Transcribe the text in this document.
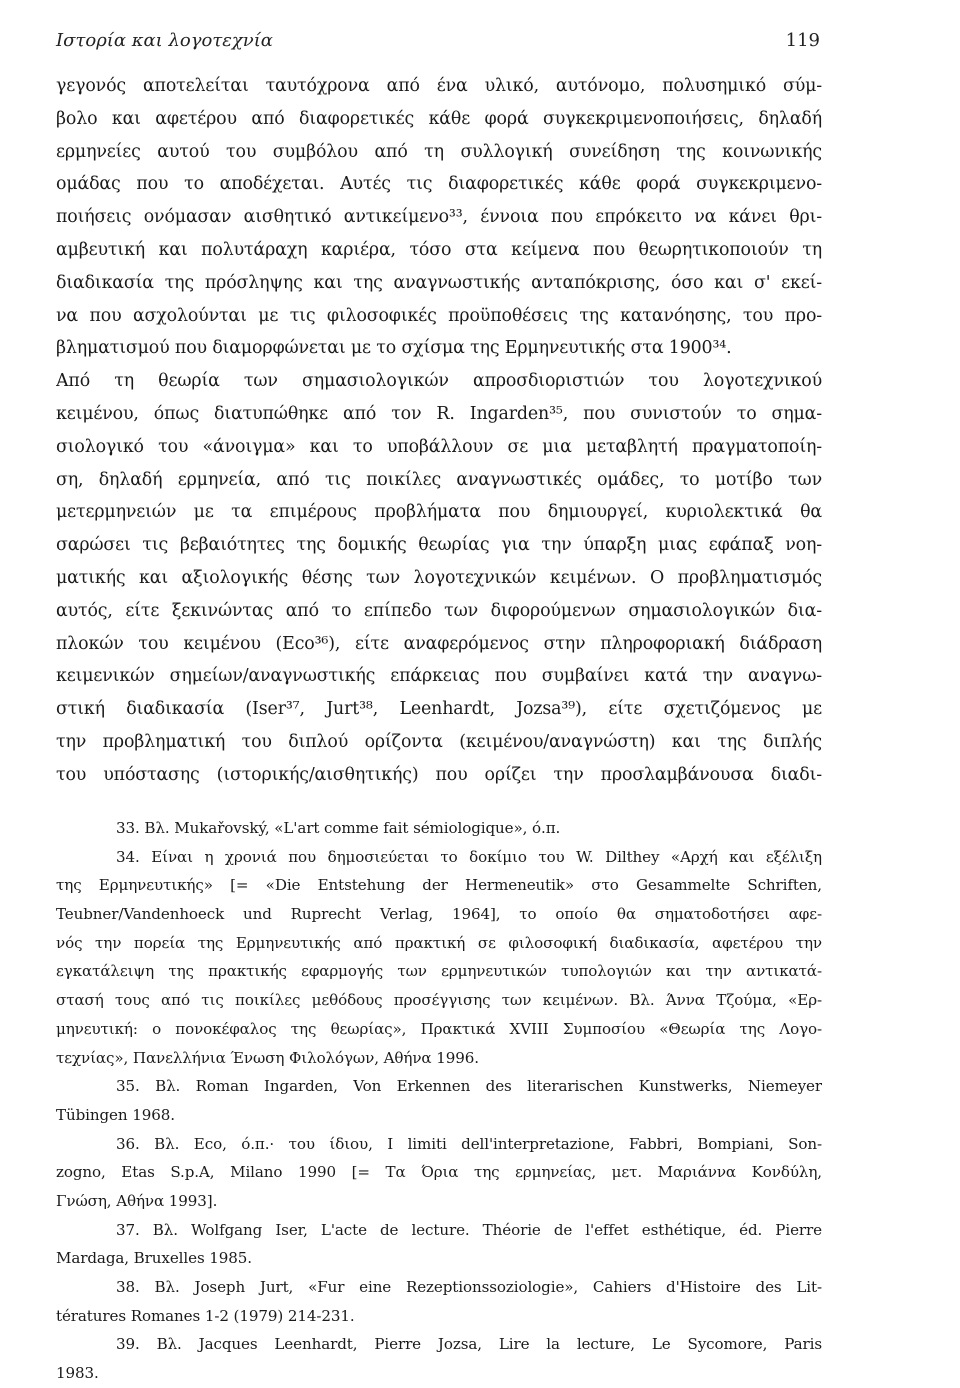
Ιστορία και λογοτεχνία	119
γεγονός αποτελείται ταυτόχρονα από ένα υλικό, αυτόνομο, πολυσημικό σύμ-
βολο και αφετέρου από διαφορετικές κάθε φορά συγκεκριμενοποιήσεις, δηλαδή
ερμηνείες αυτού του συμβόλου από τη συλλογική συνείδηση της κοινωνικής
ομάδας που το αποδέχεται. Αυτές τις διαφορετικές κάθε φορά συγκεκριμενο-
ποιήσεις ονόμασαν αισθητικό αντικείμενο³³, έννοια που επρόκειτο να κάνει θρι-
αμβευτική και πολυτάραχη καριέρα, τόσο στα κείμενα που θεωρητικοποιούν τη
διαδικασία της πρόσληψης και της αναγνωστικής ανταπόκρισης, όσο και σ' εκεί-
να που ασχολούνται με τις φιλοσοφικές προϋποθέσεις της κατανόησης, του προ-
βληματισμού που διαμορφώνεται με το σχίσμα της Ερμηνευτικής στα 1900³⁴.
Από τη θεωρία των σημασιολογικών απροσδιοριστιών του λογοτεχνικού
κειμένου, όπως διατυπώθηκε από τον R. Ingarden³⁵, που συνιστούν το σημα-
σιολογικό του «άνοιγμα» και το υποβάλλουν σε μια μεταβλητή πραγματοποίη-
ση, δηλαδή ερμηνεία, από τις ποικίλες αναγνωστικές ομάδες, το μοτίβο των
μετερμηνειών με τα επιμέρους προβλήματα που δημιουργεί, κυριολεκτικά θα
σαρώσει τις βεβαιότητες της δομικής θεωρίας για την ύπαρξη μιας εφάπαξ νοη-
ματικής και αξιολογικής θέσης των λογοτεχνικών κειμένων. Ο προβληματισμός
αυτός, είτε ξεκινώντας από το επίπεδο των διφορούμενων σημασιολογικών δια-
πλοκών του κειμένου (Eco³⁶), είτε αναφερόμενος στην πληροφοριακή διάδραση
κειμενικών σημείων/αναγνωστικής επάρκειας που συμβαίνει κατά την αναγνω-
στική διαδικασία (Iser³⁷, Jurt³⁸, Leenhardt, Jozsa³⁹), είτε σχετιζόμενος με
την προβληματική του διπλού ορίζοντα (κειμένου/αναγνώστη) και της διπλής
του υπόστασης (ιστορικής/αισθητικής) που ορίζει την προσλαμβάνουσα διαδι-
33. Βλ. Mukařovský, «L'art comme fait sémiologique», ό.π.
34. Είναι η χρονιά που δημοσιεύεται το δοκίμιο του W. Dilthey «Αρχή και εξέλιξη
της Ερμηνευτικής» [= «Die Entstehung der Hermeneutik» στο Gesammelte Schriften,
Teubner/Vandenhoeck und Ruprecht Verlag, 1964], το οποίο θα σηματοδοτήσει αφε-
νός την πορεία της Ερμηνευτικής από πρακτική σε φιλοσοφική διαδικασία, αφετέρου την
εγκατάλειψη της πρακτικής εφαρμογής των ερμηνευτικών τυπολογιών και την αντικατά-
στασή τους από τις ποικίλες μεθόδους προσέγγισης των κειμένων. Βλ. Άννα Τζούμα, «Ερ-
μηνευτική: ο πονοκέφαλος της θεωρίας», Πρακτικά XVIII Συμποσίου «Θεωρία της Λογο-
τεχνίας», Πανελλήνια Ένωση Φιλολόγων, Αθήνα 1996.
35. Βλ. Roman Ingarden, Von Erkennen des literarischen Kunstwerks, Niemeyer
Tübingen 1968.
36. Βλ. Eco, ό.π.· του ίδιου, I limiti dell'interpretazione, Fabbri, Bompiani, Son-
zogno, Etas S.p.A, Milano 1990 [= Τα Όρια της ερμηνείας, μετ. Μαριάννα Κονδύλη,
Γνώση, Αθήνα 1993].
37. Βλ. Wolfgang Iser, L'acte de lecture. Théorie de l'effet esthétique, éd. Pierre
Mardaga, Bruxelles 1985.
38. Βλ. Joseph Jurt, «Fur eine Rezeptionssoziologie», Cahiers d'Histoire des Lit-
tératures Romanes 1-2 (1979) 214-231.
39. Βλ. Jacques Leenhardt, Pierre Jozsa, Lire la lecture, Le Sycomore, Paris
1983.
